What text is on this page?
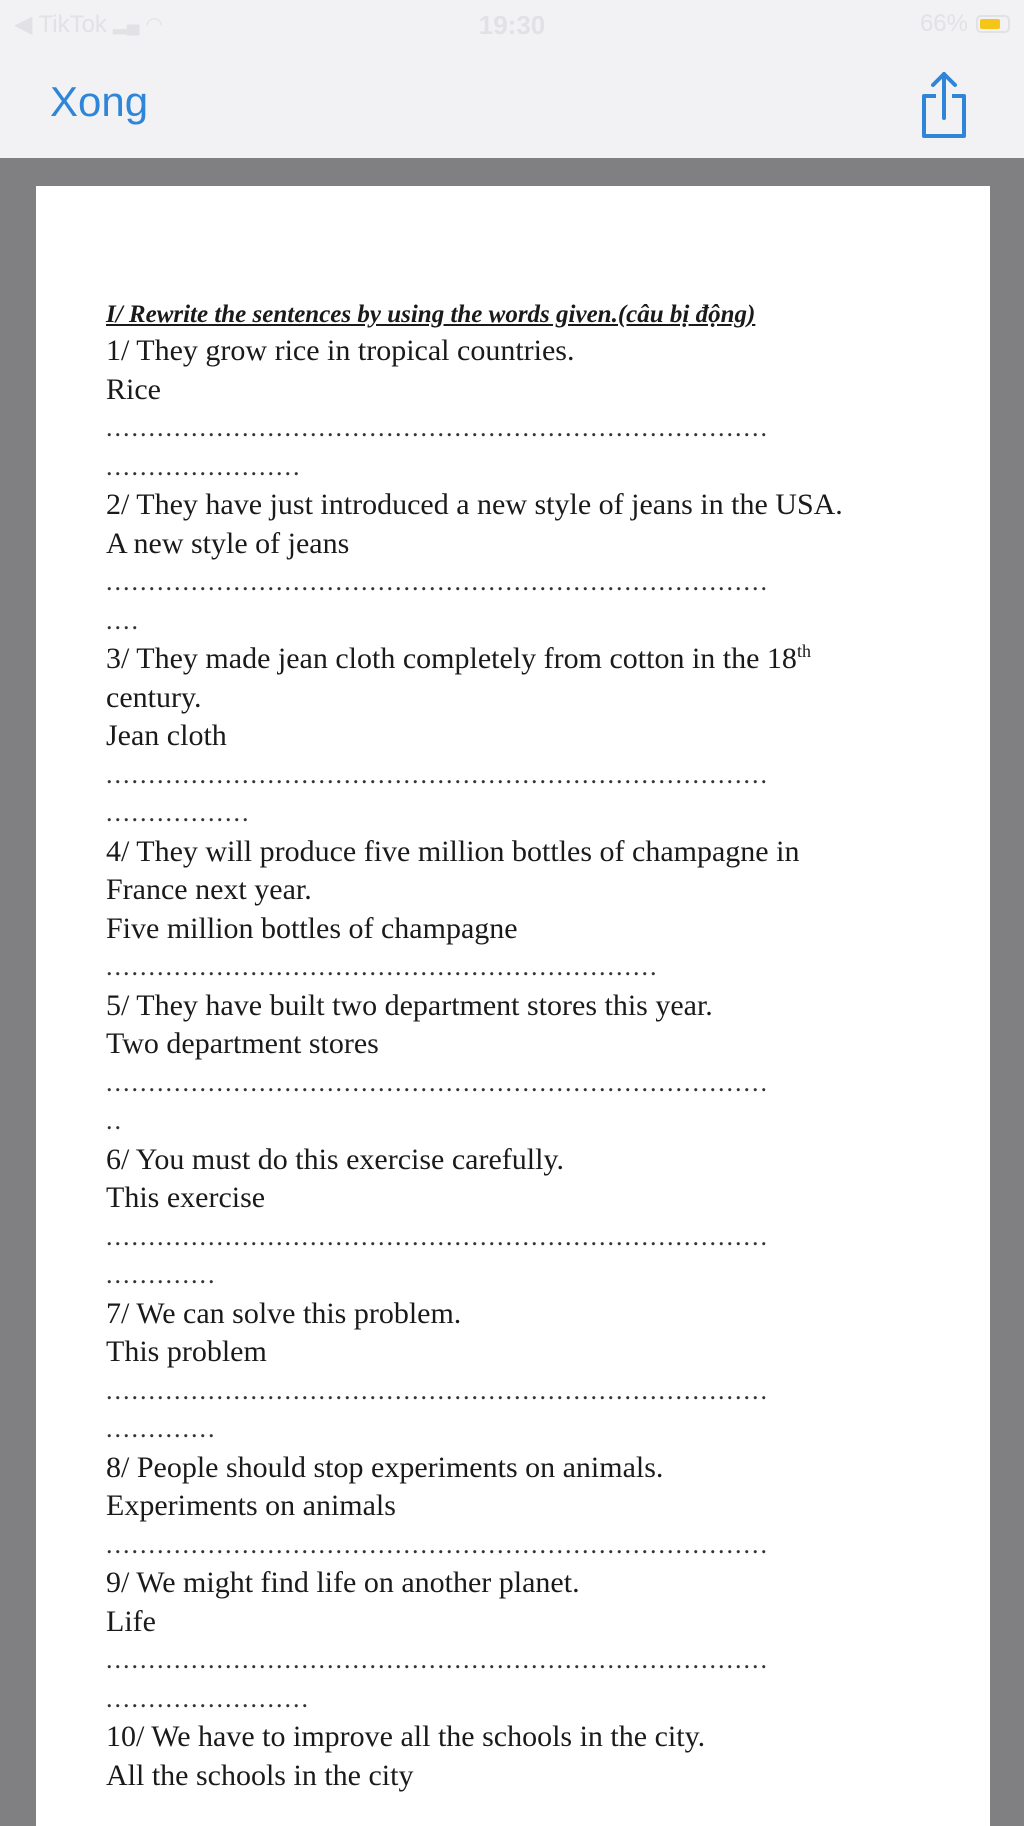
◀ TikTok ▂▄ ◠	19:30	66%
Xong
I/ Rewrite the sentences by using the words given.(câu bị động)
1/ They grow rice in tropical countries.
Rice
..............................................................................
.......................
2/ They have just introduced a new style of jeans in the USA.
A new style of jeans
..............................................................................
....
3/ They made jean cloth completely from cotton in the 18th
century.
Jean cloth
..............................................................................
.................
4/ They will produce five million bottles of champagne in
France next year.
Five million bottles of champagne
.................................................................
5/ They have built two department stores this year.
Two department stores
..............................................................................
..
6/ You must do this exercise carefully.
This exercise
..............................................................................
.............
7/ We can solve this problem.
This problem
..............................................................................
.............
8/ People should stop experiments on animals.
Experiments on animals
..............................................................................
9/ We might find life on another planet.
Life
..............................................................................
........................
10/ We have to improve all the schools in the city.
All the schools in the city
